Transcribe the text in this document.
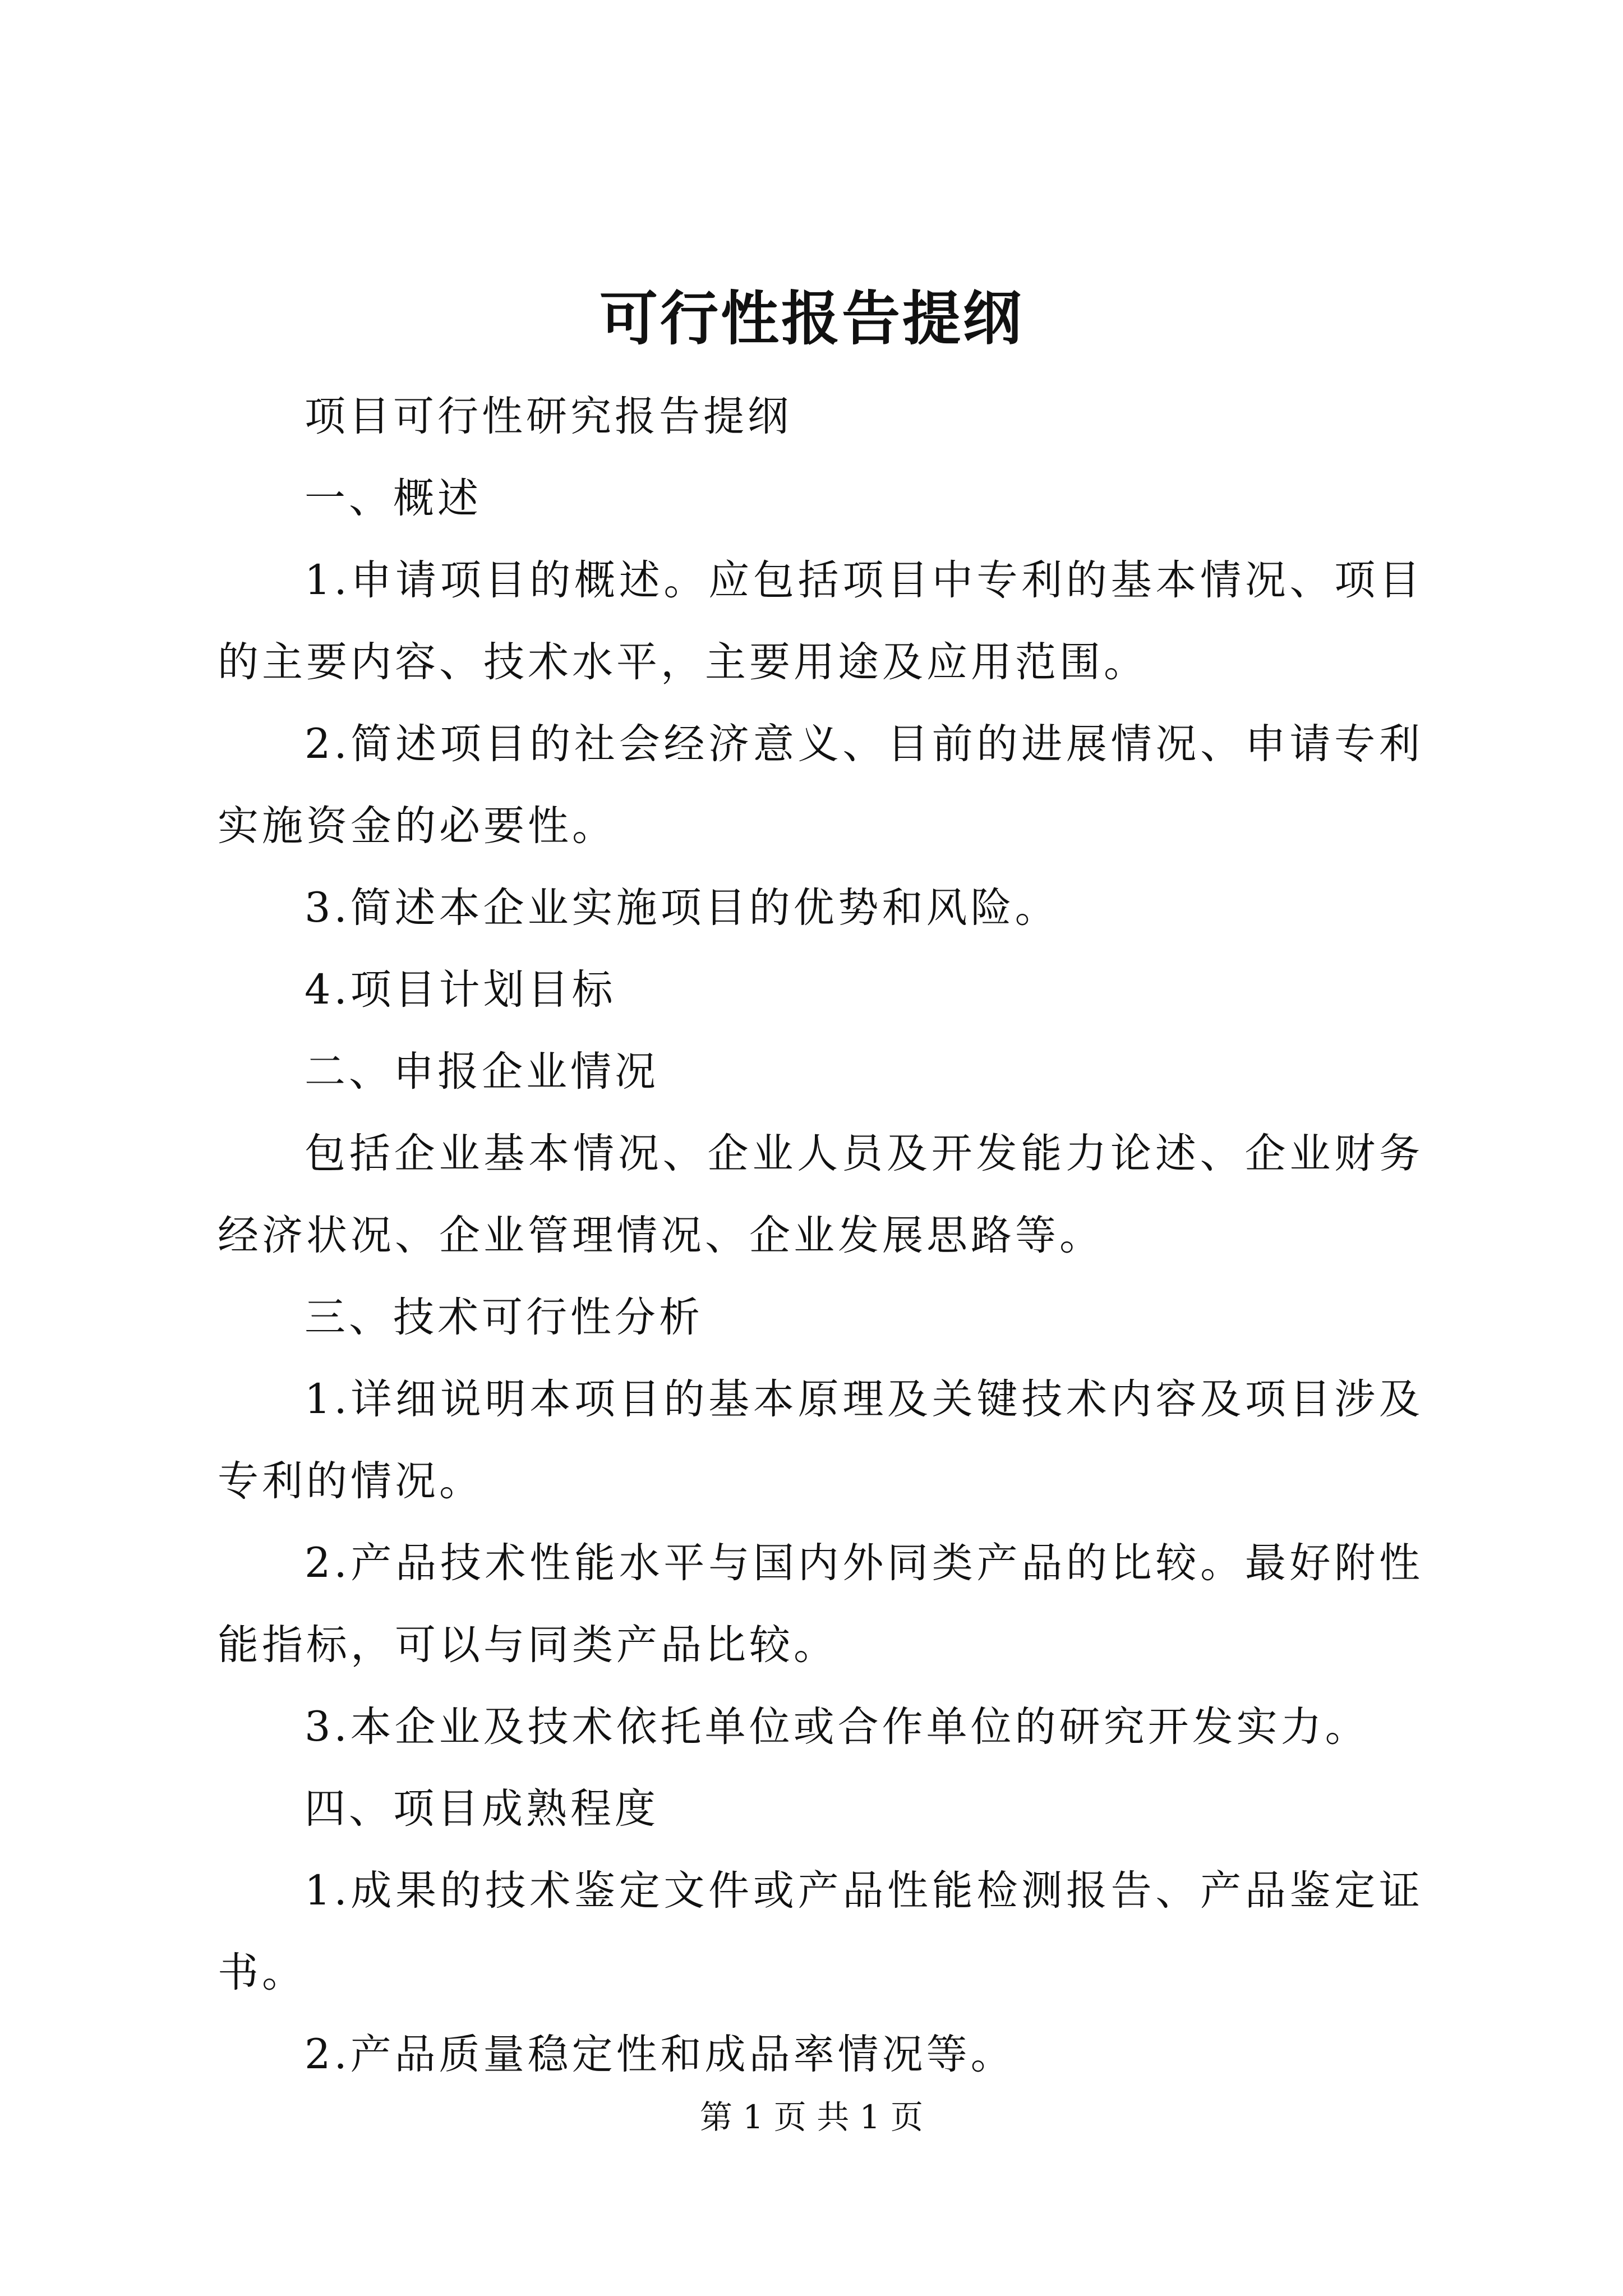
可行性报告提纲

项目可行性研究报告提纲

一、概述

1.申请项目的概述。应包括项目中专利的基本情况、项目的主要内容、技术水平，主要用途及应用范围。

2.简述项目的社会经济意义、目前的进展情况、申请专利实施资金的必要性。

3.简述本企业实施项目的优势和风险。

4.项目计划目标

二、申报企业情况

包括企业基本情况、企业人员及开发能力论述、企业财务经济状况、企业管理情况、企业发展思路等。

三、技术可行性分析

1.详细说明本项目的基本原理及关键技术内容及项目涉及专利的情况。

2.产品技术性能水平与国内外同类产品的比较。最好附性能指标，可以与同类产品比较。

3.本企业及技术依托单位或合作单位的研究开发实力。

四、项目成熟程度

1.成果的技术鉴定文件或产品性能检测报告、产品鉴定证书。

2.产品质量稳定性和成品率情况等。

第 1 页 共 1 页
